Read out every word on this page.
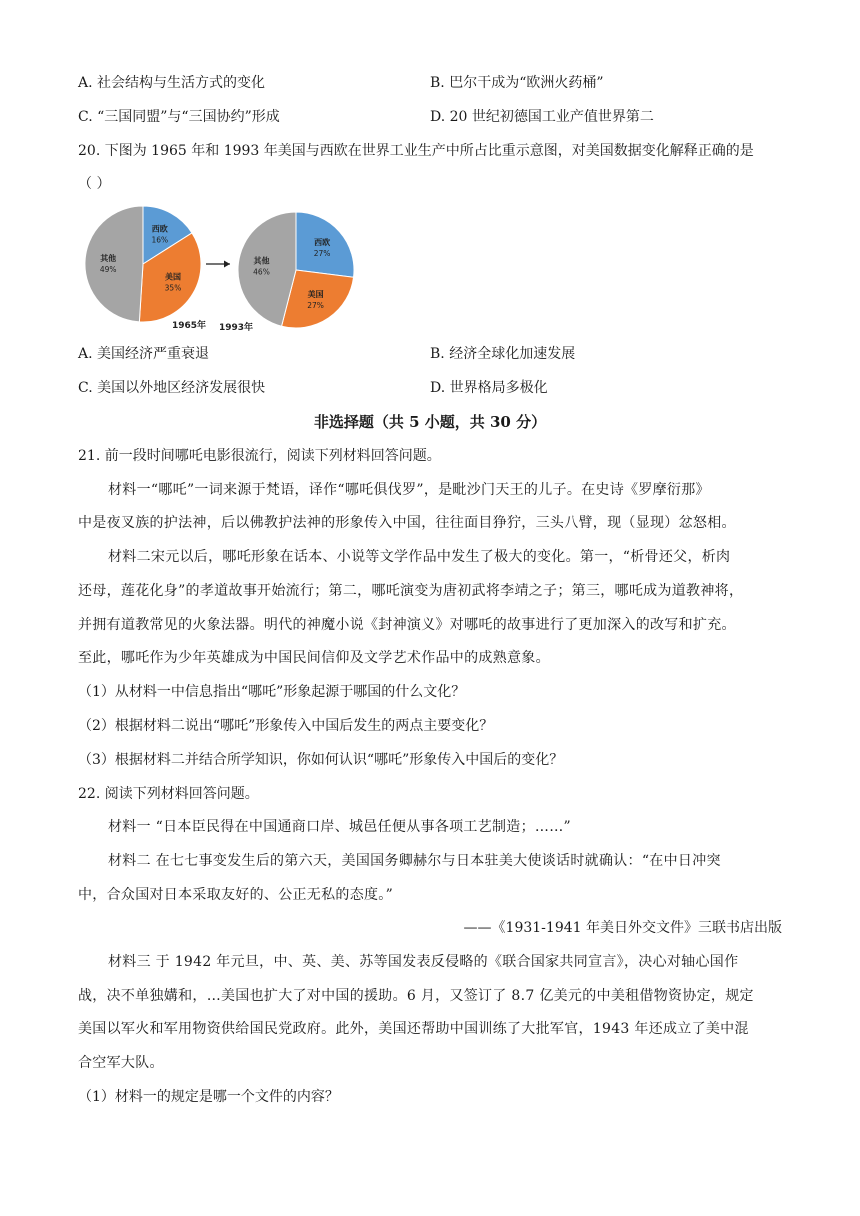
A. 社会结构与生活方式的变化	B. 巴尔干成为“欧洲火药桶”
C. “三国同盟”与“三国协约”形成	D. 20 世纪初德国工业产值世界第二
20. 下图为 1965 年和 1993 年美国与西欧在世界工业生产中所占比重示意图，对美国数据变化解释正确的是
（ ）
西欧
16%
美国
35%
其他
49%
1965年
西欧
27%
美国
27%
其他
46%
1993年
A. 美国经济严重衰退	B. 经济全球化加速发展
C. 美国以外地区经济发展很快	D. 世界格局多极化
非选择题（共 5 小题，共 30 分）
21. 前一段时间哪吒电影很流行，阅读下列材料回答问题。
材料一“哪吒”一词来源于梵语，译作“哪吒俱伐罗”，是毗沙门天王的儿子。在史诗《罗摩衍那》
中是夜叉族的护法神，后以佛教护法神的形象传入中国，往往面目狰狞，三头八臂，现（显现）忿怒相。
材料二宋元以后，哪吒形象在话本、小说等文学作品中发生了极大的变化。第一，“析骨还父，析肉
还母，莲花化身”的孝道故事开始流行；第二，哪吒演变为唐初武将李靖之子；第三，哪吒成为道教神将，
并拥有道教常见的火象法器。明代的神魔小说《封神演义》对哪吒的故事进行了更加深入的改写和扩充。
至此，哪吒作为少年英雄成为中国民间信仰及文学艺术作品中的成熟意象。
（1）从材料一中信息指出“哪吒”形象起源于哪国的什么文化？
（2）根据材料二说出“哪吒”形象传入中国后发生的两点主要变化？
（3）根据材料二并结合所学知识，你如何认识“哪吒”形象传入中国后的变化？
22. 阅读下列材料回答问题。
材料一 “日本臣民得在中国通商口岸、城邑任便从事各项工艺制造；……”
材料二 在七七事变发生后的第六天，美国国务卿赫尔与日本驻美大使谈话时就确认：“在中日冲突
中，合众国对日本采取友好的、公正无私的态度。”
——《1931-1941 年美日外交文件》三联书店出版
材料三 于 1942 年元旦，中、英、美、苏等国发表反侵略的《联合国家共同宣言》，决心对轴心国作
战，决不单独媾和，…美国也扩大了对中国的援助。6 月，又签订了 8.7 亿美元的中美租借物资协定，规定
美国以军火和军用物资供给国民党政府。此外，美国还帮助中国训练了大批军官，1943 年还成立了美中混
合空军大队。
（1）材料一的规定是哪一个文件的内容？
